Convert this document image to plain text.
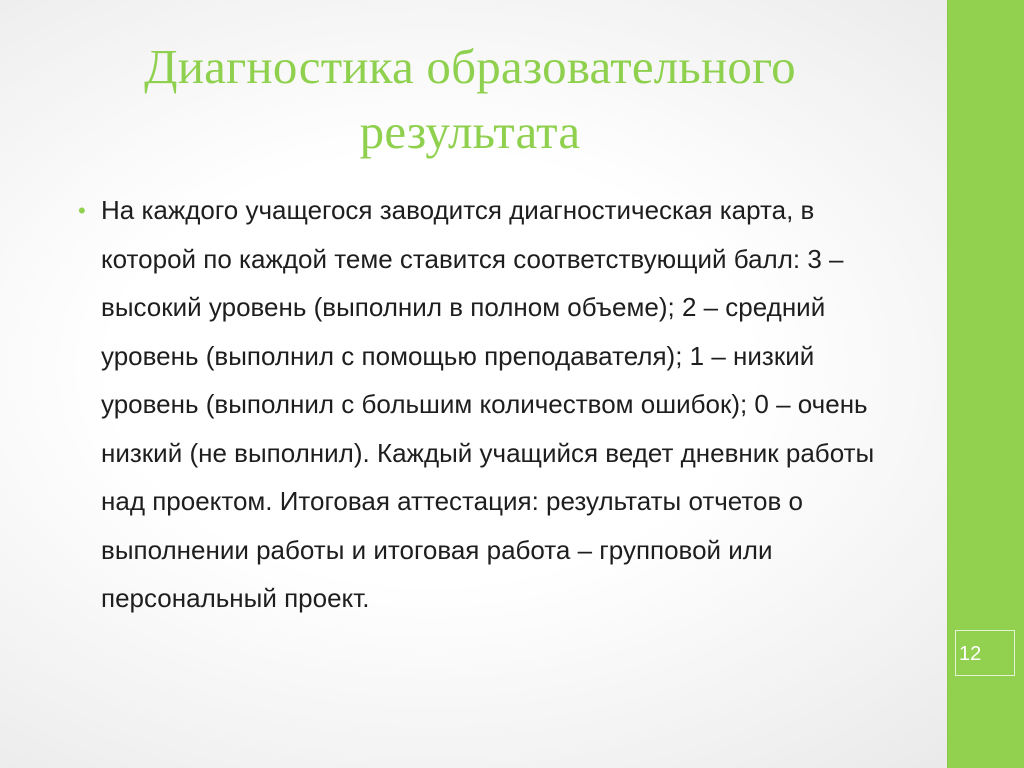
Диагностика образовательного
результата
• На каждого учащегося заводится диагностическая карта, в которой по каждой теме ставится соответствующий балл: 3 – высокий уровень (выполнил в полном объеме); 2 – средний уровень (выполнил с помощью преподавателя); 1 – низкий уровень (выполнил с большим количеством ошибок); 0 – очень низкий (не выполнил). Каждый учащийся ведет дневник работы над проектом. Итоговая аттестация: результаты отчетов о выполнении работы и итоговая работа – групповой или персональный проект.

12
